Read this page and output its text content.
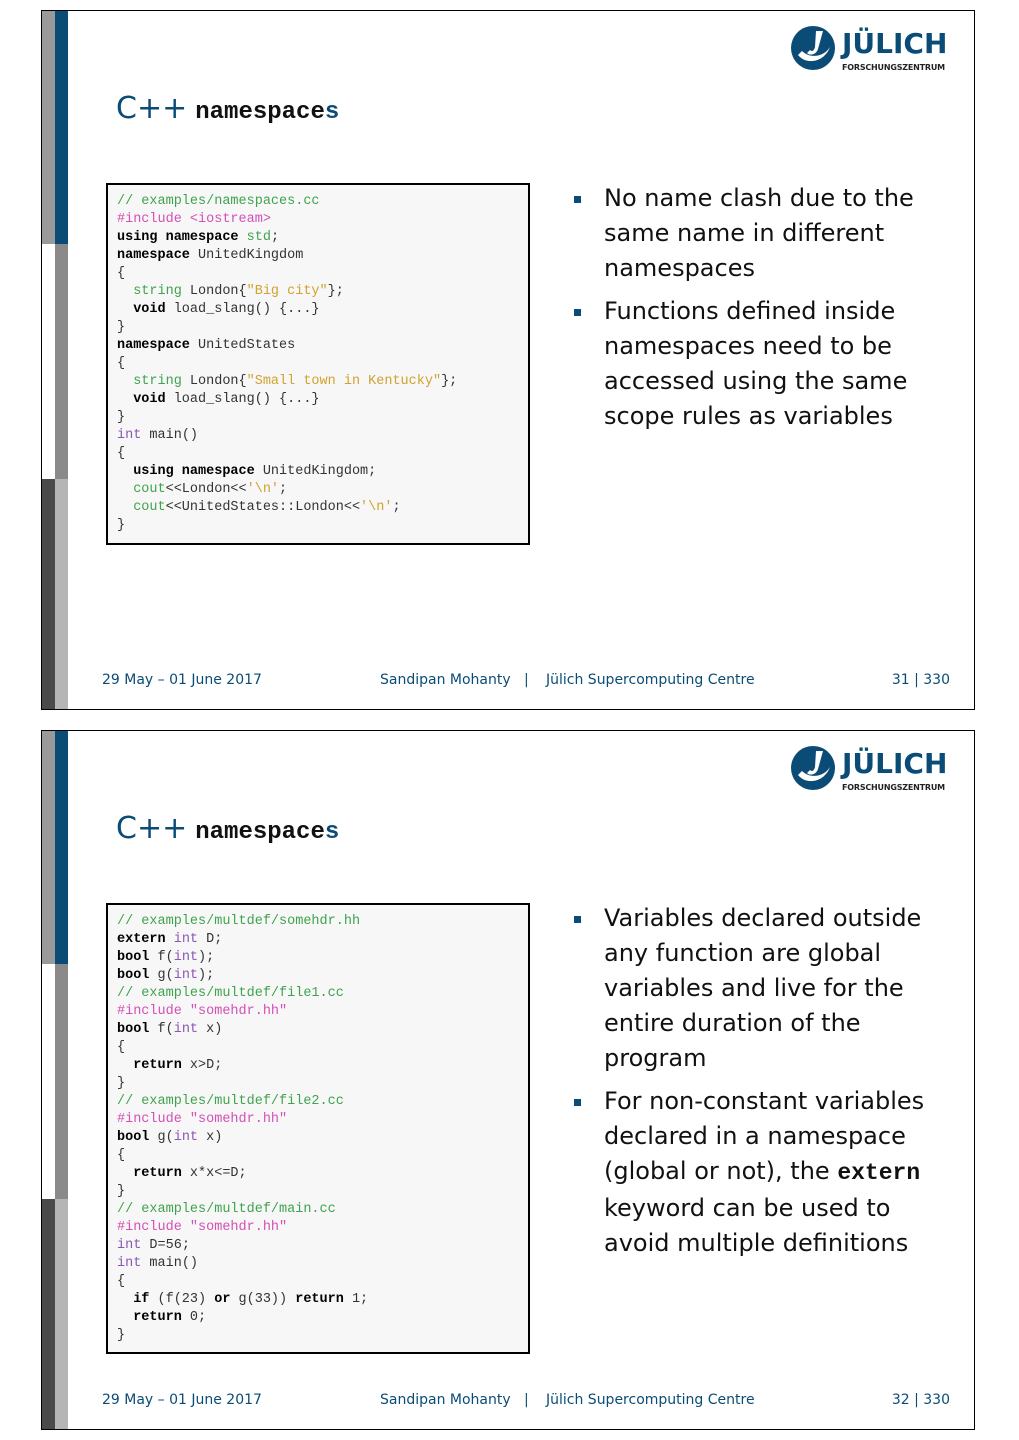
JÜLICH
FORSCHUNGSZENTRUM
C++ namespaces
// examples/namespaces.cc
#include <iostream>
using namespace std;
namespace UnitedKingdom
{
string London{"Big city"};
void load_slang() {...}
}
namespace UnitedStates
{
string London{"Small town in Kentucky"};
void load_slang() {...}
}
int main()
{
using namespace UnitedKingdom;
cout<<London<<'\n';
cout<<UnitedStates::London<<'\n';
}
No name clash due to the same name in different namespaces
Functions defined inside namespaces need to be accessed using the same scope rules as variables
29 May – 01 June 2017	Sandipan Mohanty | Jülich Supercomputing Centre	31 | 330
JÜLICH
FORSCHUNGSZENTRUM
C++ namespaces
// examples/multdef/somehdr.hh
extern int D;
bool f(int);
bool g(int);
// examples/multdef/file1.cc
#include "somehdr.hh"
bool f(int x)
{
return x>D;
}
// examples/multdef/file2.cc
#include "somehdr.hh"
bool g(int x)
{
return x*x<=D;
}
// examples/multdef/main.cc
#include "somehdr.hh"
int D=56;
int main()
{
if (f(23) or g(33)) return 1;
return 0;
}
Variables declared outside any function are global variables and live for the entire duration of the program
For non-constant variables declared in a namespace (global or not), the extern keyword can be used to avoid multiple definitions
29 May – 01 June 2017	Sandipan Mohanty | Jülich Supercomputing Centre	32 | 330
